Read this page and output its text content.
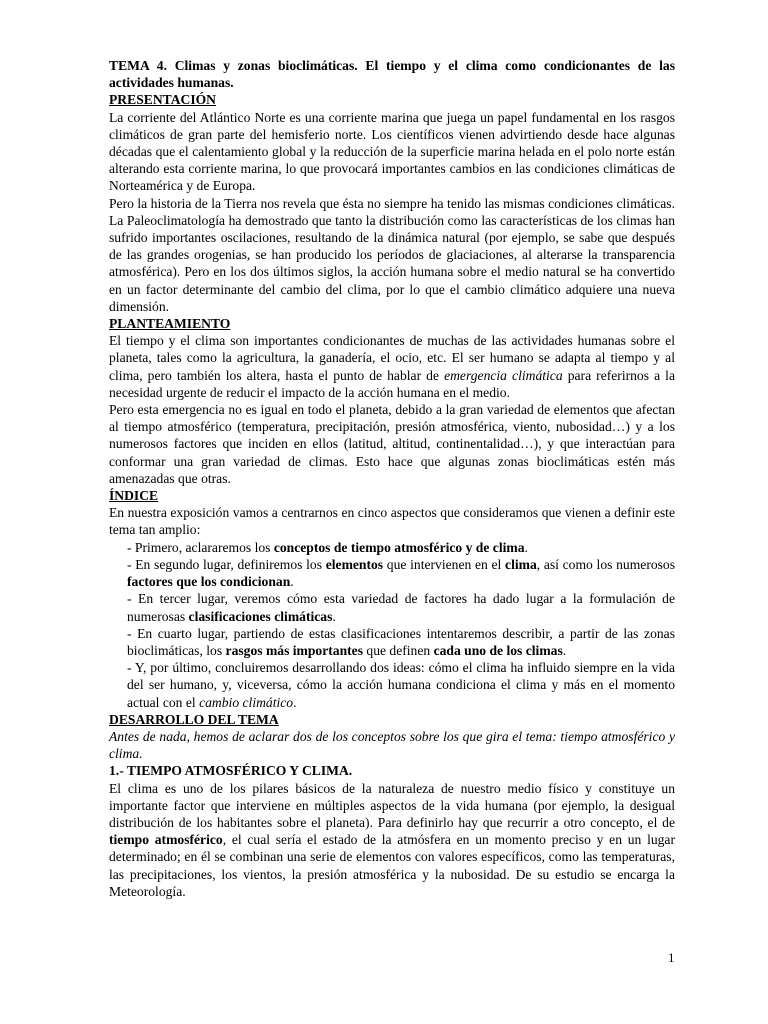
TEMA 4. Climas y zonas bioclimáticas. El tiempo y el clima como condicionantes de las actividades humanas.

PRESENTACIÓN

La corriente del Atlántico Norte es una corriente marina que juega un papel fundamental en los rasgos climáticos de gran parte del hemisferio norte. Los científicos vienen advirtiendo desde hace algunas décadas que el calentamiento global y la reducción de la superficie marina helada en el polo norte están alterando esta corriente marina, lo que provocará importantes cambios en las condiciones climáticas de Norteamérica y de Europa.

Pero la historia de la Tierra nos revela que ésta no siempre ha tenido las mismas condiciones climáticas. La Paleoclimatología ha demostrado que tanto la distribución como las características de los climas han sufrido importantes oscilaciones, resultando de la dinámica natural (por ejemplo, se sabe que después de las grandes orogenias, se han producido los períodos de glaciaciones, al alterarse la transparencia atmosférica). Pero en los dos últimos siglos, la acción humana sobre el medio natural se ha convertido en un factor determinante del cambio del clima, por lo que el cambio climático adquiere una nueva dimensión.

PLANTEAMIENTO

El tiempo y el clima son importantes condicionantes de muchas de las actividades humanas sobre el planeta, tales como la agricultura, la ganadería, el ocio, etc. El ser humano se adapta al tiempo y al clima, pero también los altera, hasta el punto de hablar de emergencia climática para referirnos a la necesidad urgente de reducir el impacto de la acción humana en el medio.

Pero esta emergencia no es igual en todo el planeta, debido a la gran variedad de elementos que afectan al tiempo atmosférico (temperatura, precipitación, presión atmosférica, viento, nubosidad…) y a los numerosos factores que inciden en ellos (latitud, altitud, continentalidad…), y que interactúan para conformar una gran variedad de climas. Esto hace que algunas zonas bioclimáticas estén más amenazadas que otras.

ÍNDICE

En nuestra exposición vamos a centrarnos en cinco aspectos que consideramos que vienen a definir este tema tan amplio:

- Primero, aclararemos los conceptos de tiempo atmosférico y de clima.

- En segundo lugar, definiremos los elementos que intervienen en el clima, así como los numerosos factores que los condicionan.

- En tercer lugar, veremos cómo esta variedad de factores ha dado lugar a la formulación de numerosas clasificaciones climáticas.

- En cuarto lugar, partiendo de estas clasificaciones intentaremos describir, a partir de las zonas bioclimáticas, los rasgos más importantes que definen cada uno de los climas.

- Y, por último, concluiremos desarrollando dos ideas: cómo el clima ha influido siempre en la vida del ser humano, y, viceversa, cómo la acción humana condiciona el clima y más en el momento actual con el cambio climático.

DESARROLLO DEL TEMA

Antes de nada, hemos de aclarar dos de los conceptos sobre los que gira el tema: tiempo atmosférico y clima.

1.- TIEMPO ATMOSFÉRICO Y CLIMA.

El clima es uno de los pilares básicos de la naturaleza de nuestro medio físico y constituye un importante factor que interviene en múltiples aspectos de la vida humana (por ejemplo, la desigual distribución de los habitantes sobre el planeta). Para definirlo hay que recurrir a otro concepto, el de tiempo atmosférico, el cual sería el estado de la atmósfera en un momento preciso y en un lugar determinado; en él se combinan una serie de elementos con valores específicos, como las temperaturas, las precipitaciones, los vientos, la presión atmosférica y la nubosidad. De su estudio se encarga la Meteorología.

1
